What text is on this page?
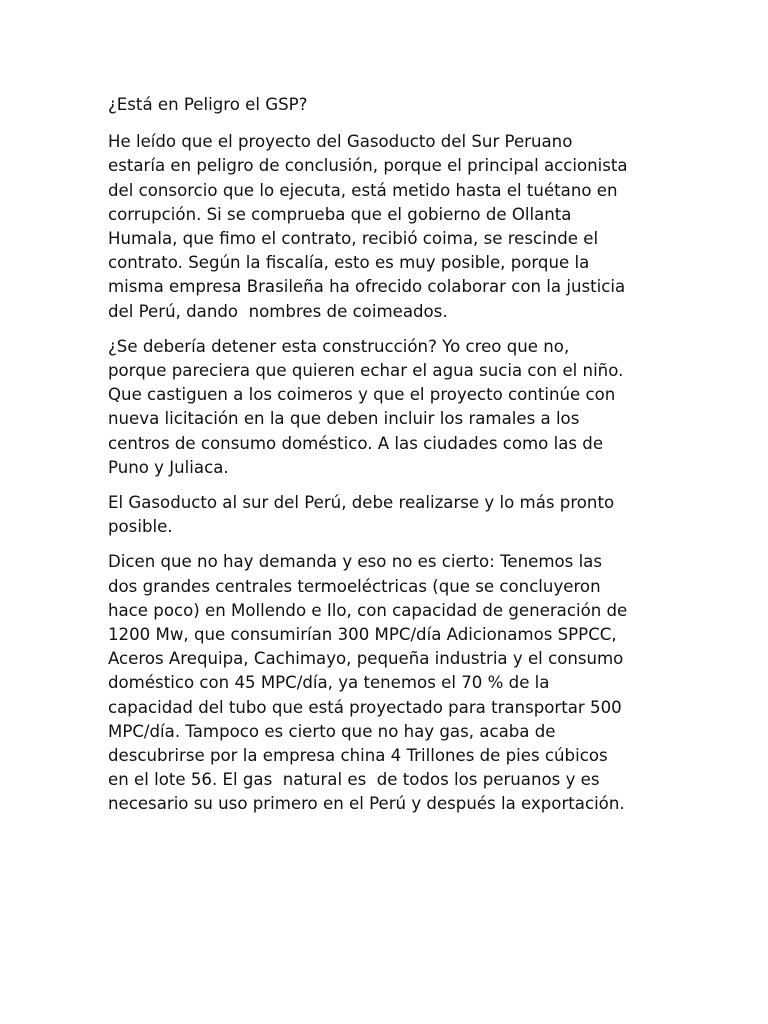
¿Está en Peligro el GSP?

He leído que el proyecto del Gasoducto del Sur Peruano
estaría en peligro de conclusión, porque el principal accionista
del consorcio que lo ejecuta, está metido hasta el tuétano en
corrupción. Si se comprueba que el gobierno de Ollanta
Humala, que fimo el contrato, recibió coima, se rescinde el
contrato. Según la fiscalía, esto es muy posible, porque la
misma empresa Brasileña ha ofrecido colaborar con la justicia
del Perú, dando  nombres de coimeados.

¿Se debería detener esta construcción? Yo creo que no,
porque pareciera que quieren echar el agua sucia con el niño.
Que castiguen a los coimeros y que el proyecto continúe con
nueva licitación en la que deben incluir los ramales a los
centros de consumo doméstico. A las ciudades como las de
Puno y Juliaca.

El Gasoducto al sur del Perú, debe realizarse y lo más pronto
posible.

Dicen que no hay demanda y eso no es cierto: Tenemos las
dos grandes centrales termoeléctricas (que se concluyeron
hace poco) en Mollendo e Ilo, con capacidad de generación de
1200 Mw, que consumirían 300 MPC/día Adicionamos SPPCC,
Aceros Arequipa, Cachimayo, pequeña industria y el consumo
doméstico con 45 MPC/día, ya tenemos el 70 % de la
capacidad del tubo que está proyectado para transportar 500
MPC/día. Tampoco es cierto que no hay gas, acaba de
descubrirse por la empresa china 4 Trillones de pies cúbicos
en el lote 56. El gas  natural es  de todos los peruanos y es
necesario su uso primero en el Perú y después la exportación.
